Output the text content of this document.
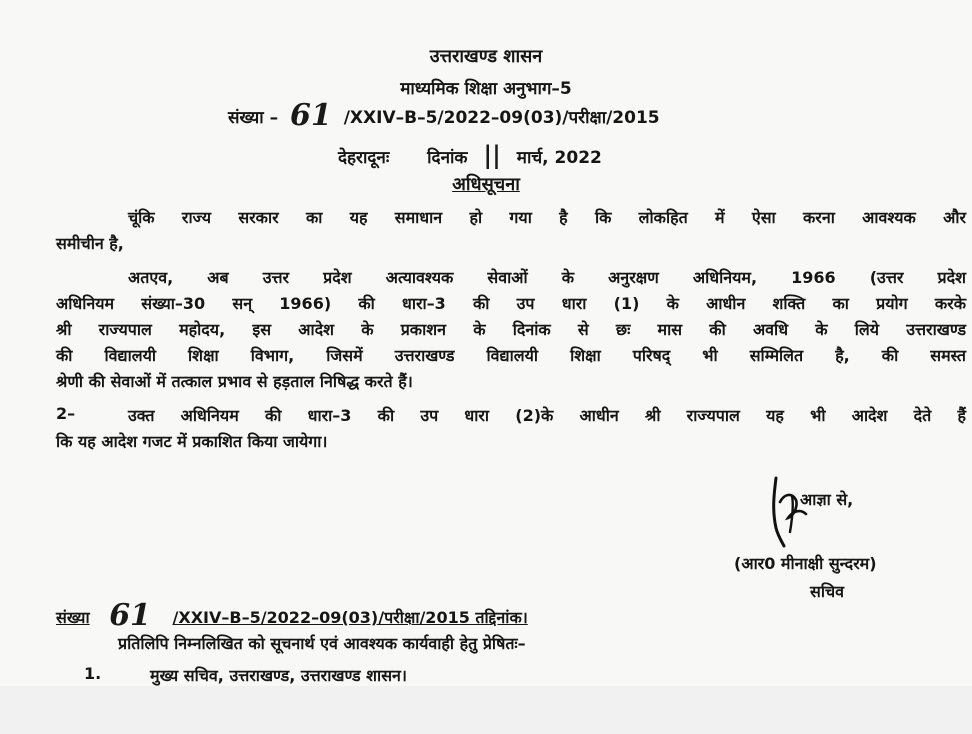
उत्तराखण्ड शासन
माध्यमिक शिक्षा अनुभाग–5
संख्या – 61 /XXIV–B–5/2022–09(03)/परीक्षा/2015
देहरादूनः दिनांक || मार्च, 2022
अधिसूचना
चूंकि राज्य सरकार का यह समाधान हो गया है कि लोकहित में ऐसा करना आवश्यक और
समीचीन है,
अतएव, अब उत्तर प्रदेश अत्यावश्यक सेवाओं के अनुरक्षण अधिनियम, 1966 (उत्तर प्रदेश
अधिनियम संख्या–30 सन् 1966) की धारा–3 की उप धारा (1) के आधीन शक्ति का प्रयोग करके
श्री राज्यपाल महोदय, इस आदेश के प्रकाशन के दिनांक से छः मास की अवधि के लिये उत्तराखण्ड
की विद्यालयी शिक्षा विभाग, जिसमें उत्तराखण्ड विद्यालयी शिक्षा परिषद् भी सम्मिलित है, की समस्त
श्रेणी की सेवाओं में तत्काल प्रभाव से हड़ताल निषिद्ध करते हैं।
2–	उक्त अधिनियम की धारा–3 की उप धारा (2)के आधीन श्री राज्यपाल यह भी आदेश देते हैं
कि यह आदेश गजट में प्रकाशित किया जायेगा।
आज्ञा से,
(आर0 मीनाक्षी सुन्दरम)
सचिव
संख्या 61 /XXIV–B–5/2022–09(03)/परीक्षा/2015 तद्दिनांक।
प्रतिलिपि निम्नलिखित को सूचनार्थ एवं आवश्यक कार्यवाही हेतु प्रेषितः–
1.	मुख्य सचिव, उत्तराखण्ड, उत्तराखण्ड शासन।
